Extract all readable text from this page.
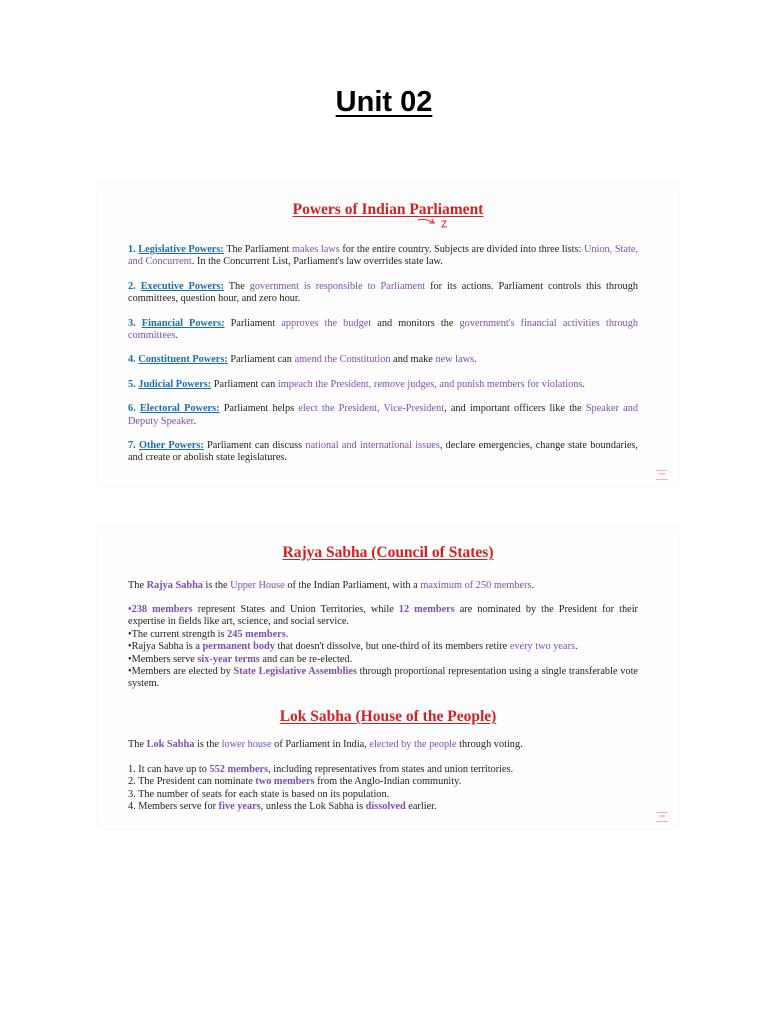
Unit 02
Powers of Indian Parliament

1. Legislative Powers: The Parliament makes laws for the entire country. Subjects are divided into three lists: Union, State, and Concurrent. In the Concurrent List, Parliament's law overrides state law.

2. Executive Powers: The government is responsible to Parliament for its actions. Parliament controls this through committees, question hour, and zero hour.

3. Financial Powers: Parliament approves the budget and monitors the government's financial activities through committees.

4. Constituent Powers: Parliament can amend the Constitution and make new laws.

5. Judicial Powers: Parliament can impeach the President, remove judges, and punish members for violations.

6. Electoral Powers: Parliament helps elect the President, Vice-President, and important officers like the Speaker and Deputy Speaker.

7. Other Powers: Parliament can discuss national and international issues, declare emergencies, change state boundaries, and create or abolish state legislatures.

Rajya Sabha (Council of States)

The Rajya Sabha is the Upper House of the Indian Parliament, with a maximum of 250 members.

•238 members represent States and Union Territories, while 12 members are nominated by the President for their expertise in fields like art, science, and social service.

•The current strength is 245 members.

•Rajya Sabha is a permanent body that doesn't dissolve, but one-third of its members retire every two years.

•Members serve six-year terms and can be re-elected.

•Members are elected by State Legislative Assemblies through proportional representation using a single transferable vote system.

Lok Sabha (House of the People)

The Lok Sabha is the lower house of Parliament in India, elected by the people through voting.

1. It can have up to 552 members, including representatives from states and union territories.

2. The President can nominate two members from the Anglo-Indian community.

3. The number of seats for each state is based on its population.

4. Members serve for five years, unless the Lok Sabha is dissolved earlier.
